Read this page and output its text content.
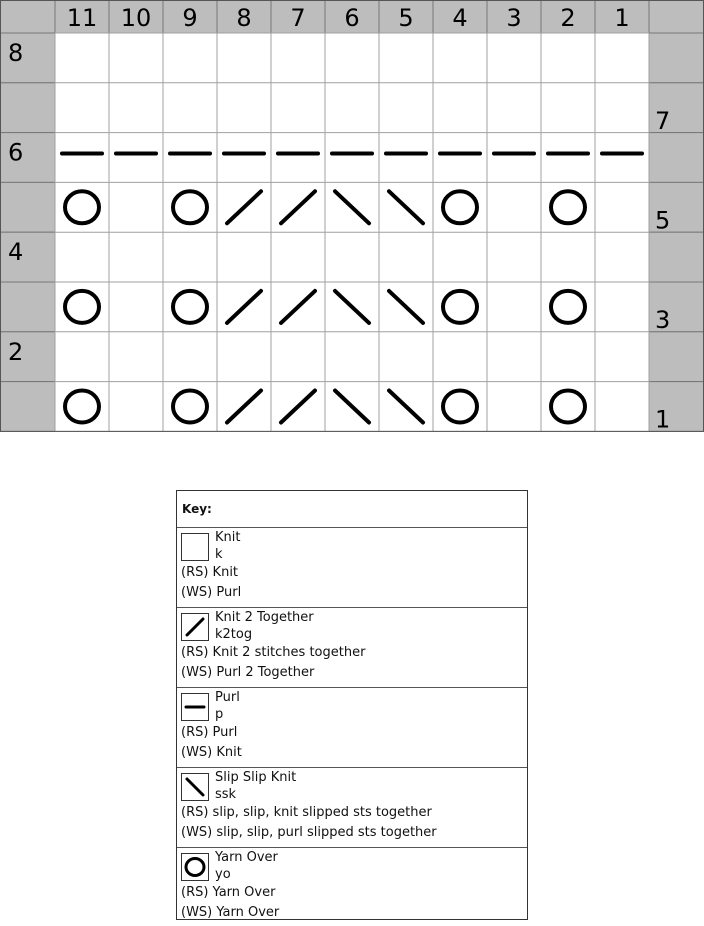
11 10 9 8 7 6 5 4 3 2 1
8
7
6
5
4
3
2
1
Key:
Knit
k
(RS) Knit
(WS) Purl
Knit 2 Together
k2tog
(RS) Knit 2 stitches together
(WS) Purl 2 Together
Purl
p
(RS) Purl
(WS) Knit
Slip Slip Knit
ssk
(RS) slip, slip, knit slipped sts together
(WS) slip, slip, purl slipped sts together
Yarn Over
yo
(RS) Yarn Over
(WS) Yarn Over
